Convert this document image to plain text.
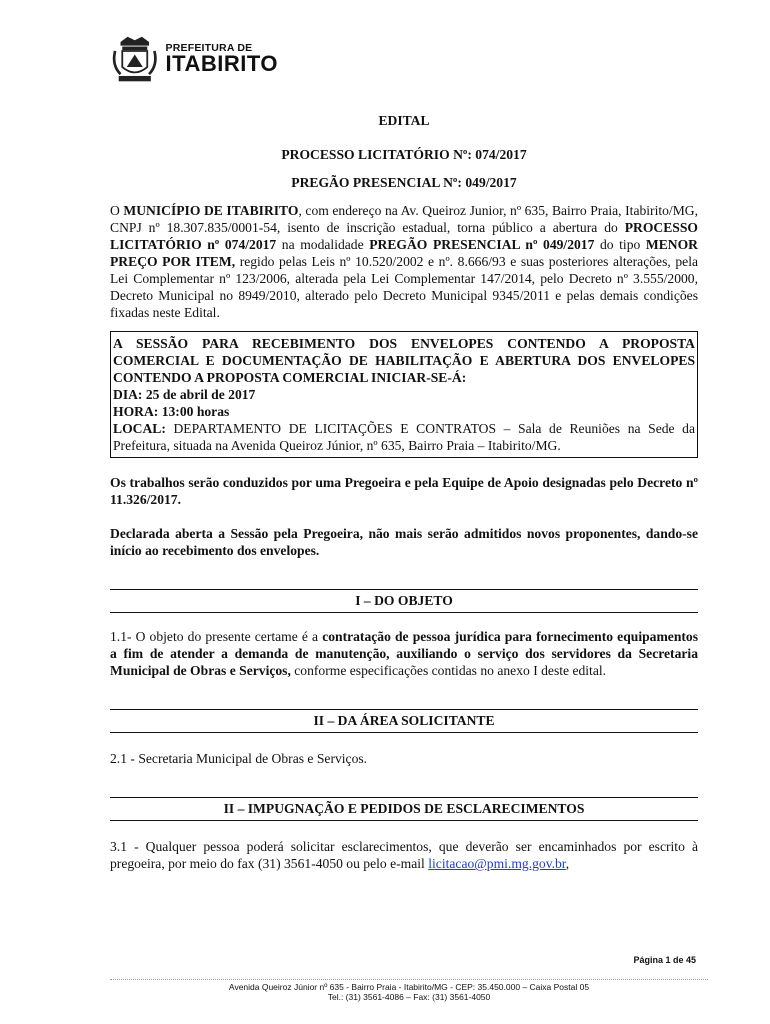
PREFEITURA DE
ITABIRITO

EDITAL

PROCESSO LICITATÓRIO Nº: 074/2017

PREGÃO PRESENCIAL Nº: 049/2017

O MUNICÍPIO DE ITABIRITO, com endereço na Av. Queiroz Junior, nº 635, Bairro Praia, Itabirito/MG, CNPJ nº 18.307.835/0001-54, isento de inscrição estadual, torna público a abertura do PROCESSO LICITATÓRIO nº 074/2017 na modalidade PREGÃO PRESENCIAL nº 049/2017 do tipo MENOR PREÇO POR ITEM, regido pelas Leis nº 10.520/2002 e nº. 8.666/93 e suas posteriores alterações, pela Lei Complementar nº 123/2006, alterada pela Lei Complementar 147/2014, pelo Decreto nº 3.555/2000, Decreto Municipal no 8949/2010, alterado pelo Decreto Municipal 9345/2011 e pelas demais condições fixadas neste Edital.

A SESSÃO PARA RECEBIMENTO DOS ENVELOPES CONTENDO A PROPOSTA COMERCIAL E DOCUMENTAÇÃO DE HABILITAÇÃO E ABERTURA DOS ENVELOPES CONTENDO A PROPOSTA COMERCIAL INICIAR-SE-Á:

DIA: 25 de abril de 2017

HORA: 13:00 horas

LOCAL: DEPARTAMENTO DE LICITAÇÕES E CONTRATOS – Sala de Reuniões na Sede da Prefeitura, situada na Avenida Queiroz Júnior, nº 635, Bairro Praia – Itabirito/MG.

Os trabalhos serão conduzidos por uma Pregoeira e pela Equipe de Apoio designadas pelo Decreto nº 11.326/2017.

Declarada aberta a Sessão pela Pregoeira, não mais serão admitidos novos proponentes, dando-se início ao recebimento dos envelopes.

I – DO OBJETO

1.1- O objeto do presente certame é a contratação de pessoa jurídica para fornecimento equipamentos a fim de atender a demanda de manutenção, auxiliando o serviço dos servidores da Secretaria Municipal de Obras e Serviços, conforme especificações contidas no anexo I deste edital.

II – DA ÁREA SOLICITANTE

2.1 - Secretaria Municipal de Obras e Serviços.

II – IMPUGNAÇÃO E PEDIDOS DE ESCLARECIMENTOS

3.1 - Qualquer pessoa poderá solicitar esclarecimentos, que deverão ser encaminhados por escrito à pregoeira, por meio do fax (31) 3561-4050 ou pelo e-mail licitacao@pmi.mg.gov.br,

Página 1 de 45
Avenida Queiroz Júnior nº 635 - Bairro Praia - Itabirito/MG - CEP: 35.450.000 – Caixa Postal 05
Tel.: (31) 3561-4086 – Fax: (31) 3561-4050
